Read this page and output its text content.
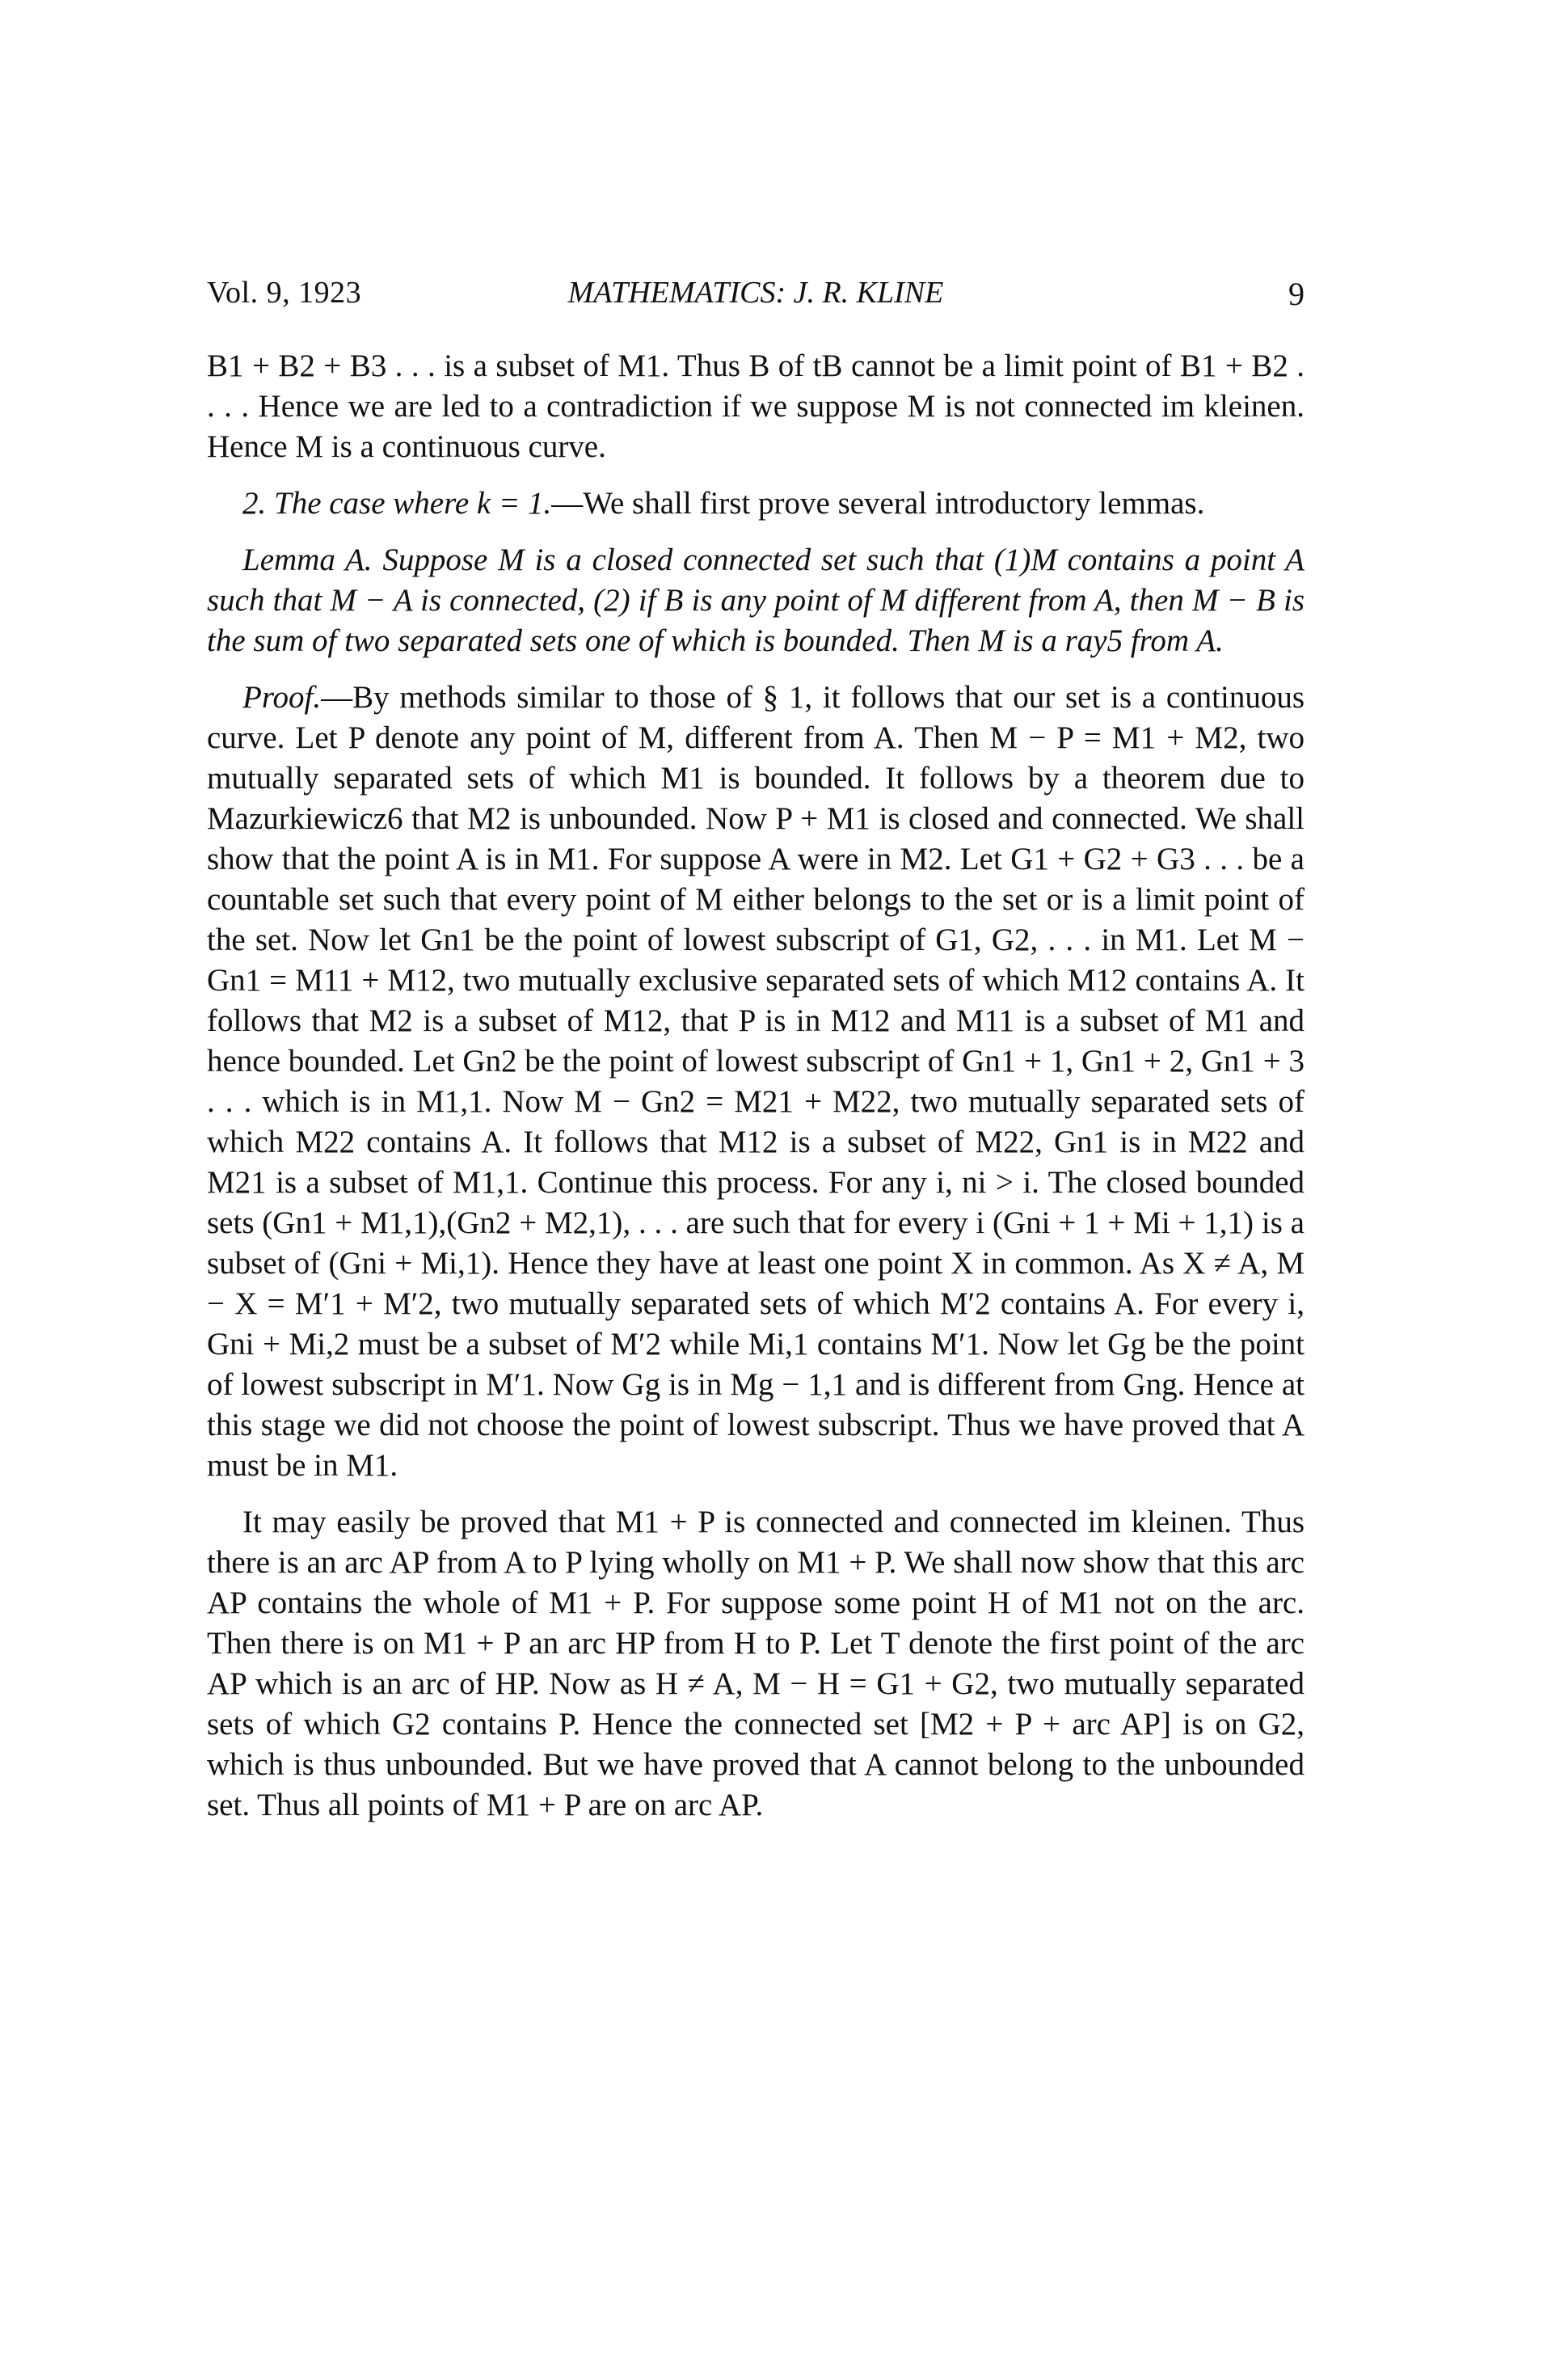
Vol. 9, 1923	MATHEMATICS: J. R. KLINE	9

B1 + B2 + B3 . . . is a subset of M1. Thus B of tB cannot be a limit point of B1 + B2 . . . . Hence we are led to a contradiction if we suppose M is not connected im kleinen. Hence M is a continuous curve.

2. The case where k = 1.—We shall first prove several introductory lemmas.

Lemma A. Suppose M is a closed connected set such that (1)M contains a point A such that M − A is connected, (2) if B is any point of M different from A, then M − B is the sum of two separated sets one of which is bounded. Then M is a ray5 from A.

Proof.—By methods similar to those of § 1, it follows that our set is a continuous curve. Let P denote any point of M, different from A. Then M − P = M1 + M2, two mutually separated sets of which M1 is bounded. It follows by a theorem due to Mazurkiewicz6 that M2 is unbounded. Now P + M1 is closed and connected. We shall show that the point A is in M1. For suppose A were in M2. Let G1 + G2 + G3 . . . be a countable set such that every point of M either belongs to the set or is a limit point of the set. Now let Gn1 be the point of lowest subscript of G1, G2, . . . in M1. Let M − Gn1 = M11 + M12, two mutually exclusive separated sets of which M12 contains A. It follows that M2 is a subset of M12, that P is in M12 and M11 is a subset of M1 and hence bounded. Let Gn2 be the point of lowest subscript of Gn1 + 1, Gn1 + 2, Gn1 + 3 . . . which is in M1,1. Now M − Gn2 = M21 + M22, two mutually separated sets of which M22 contains A. It follows that M12 is a subset of M22, Gn1 is in M22 and M21 is a subset of M1,1. Continue this process. For any i, ni > i. The closed bounded sets (Gn1 + M1,1),(Gn2 + M2,1), . . . are such that for every i (Gni + 1 + Mi + 1,1) is a subset of (Gni + Mi,1). Hence they have at least one point X in common. As X ≠ A, M − X = M′1 + M′2, two mutually separated sets of which M′2 contains A. For every i, Gni + Mi,2 must be a subset of M′2 while Mi,1 contains M′1. Now let Gg be the point of lowest subscript in M′1. Now Gg is in Mg − 1,1 and is different from Gng. Hence at this stage we did not choose the point of lowest subscript. Thus we have proved that A must be in M1.

It may easily be proved that M1 + P is connected and connected im kleinen. Thus there is an arc AP from A to P lying wholly on M1 + P. We shall now show that this arc AP contains the whole of M1 + P. For suppose some point H of M1 not on the arc. Then there is on M1 + P an arc HP from H to P. Let T denote the first point of the arc AP which is an arc of HP. Now as H ≠ A, M − H = G1 + G2, two mutually separated sets of which G2 contains P. Hence the connected set [M2 + P + arc AP] is on G2, which is thus unbounded. But we have proved that A cannot belong to the unbounded set. Thus all points of M1 + P are on arc AP.
